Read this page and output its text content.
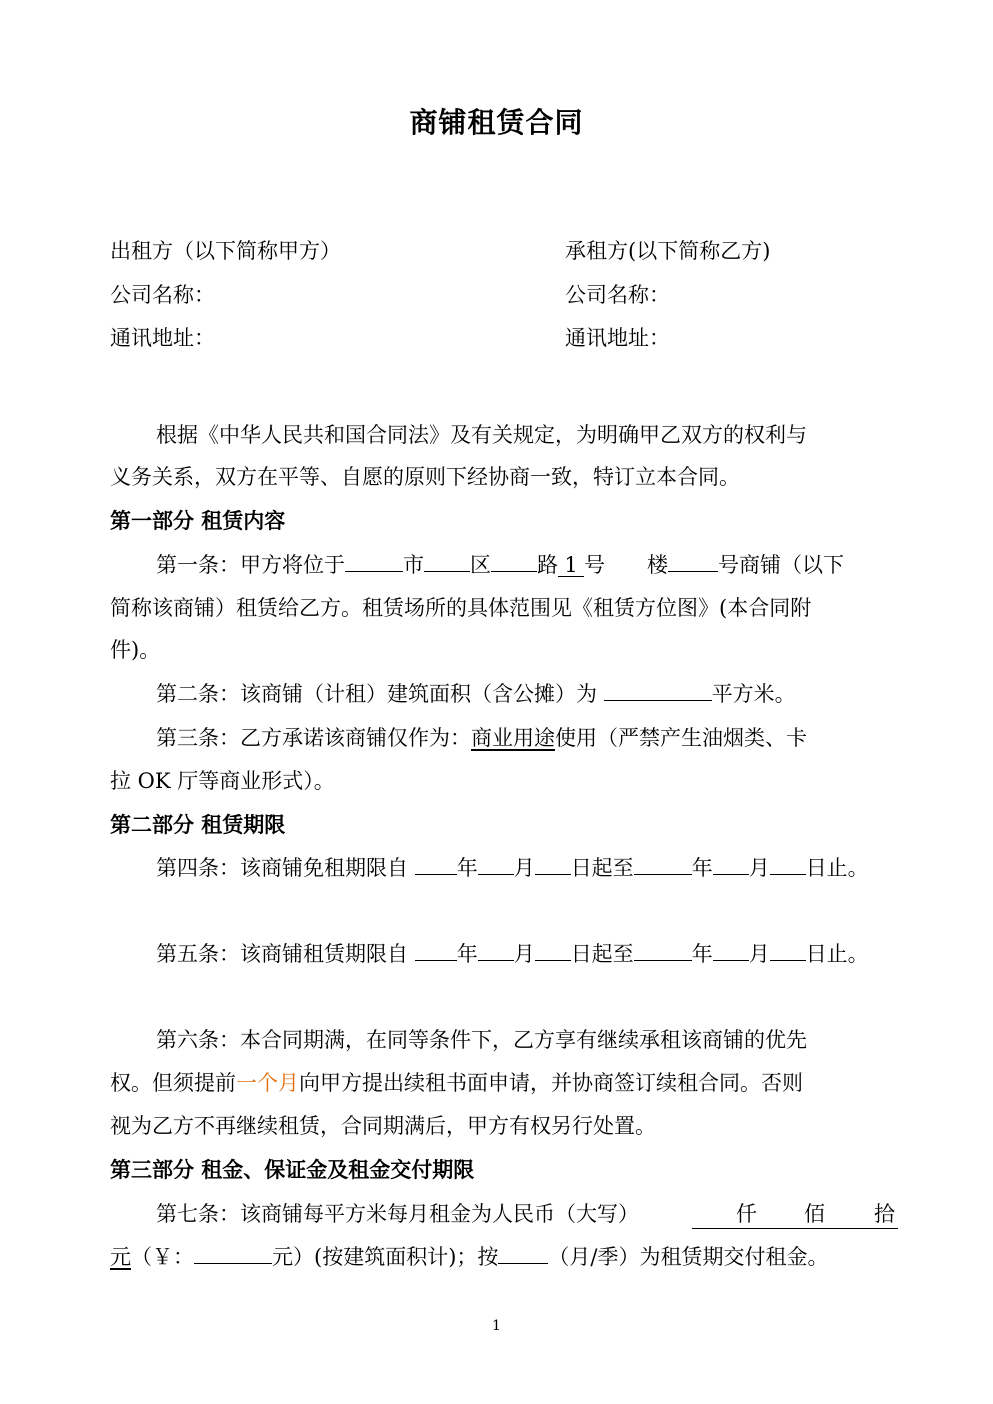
商铺租赁合同
出租方（以下简称甲方）	承租方(以下简称乙方)
公司名称：	公司名称：
通讯地址：	通讯地址：
根据《中华人民共和国合同法》及有关规定，为明确甲乙双方的权利与
义务关系，双方在平等、自愿的原则下经协商一致，特订立本合同。
第一部分 租赁内容
第一条：甲方将位于	市 区 路 1 号 楼 号商铺（以下
简称该商铺）租赁给乙方。租赁场所的具体范围见《租赁方位图》(本合同附
件)。
第二条：该商铺（计租）建筑面积（含公摊）为	平方米。
第三条：乙方承诺该商铺仅作为：商业用途使用（严禁产生油烟类、卡
拉 OK 厅等商业形式）。
第二部分 租赁期限
第四条：该商铺免租期限自 年 月 日起至	年 月 日止。
第五条：该商铺租赁期限自 年 月 日起至	年 月 日止。
第六条：本合同期满，在同等条件下，乙方享有继续承租该商铺的优先
权。但须提前一个月向甲方提出续租书面申请，并协商签订续租合同。否则
视为乙方不再继续租赁，合同期满后，甲方有权另行处置。
第三部分 租金、保证金及租金交付期限
第七条：该商铺每平方米每月租金为人民币（大写）	仟 佰 拾
元（￥：	元）(按建筑面积计)；按 （月/季）为租赁期交付租金。
1
